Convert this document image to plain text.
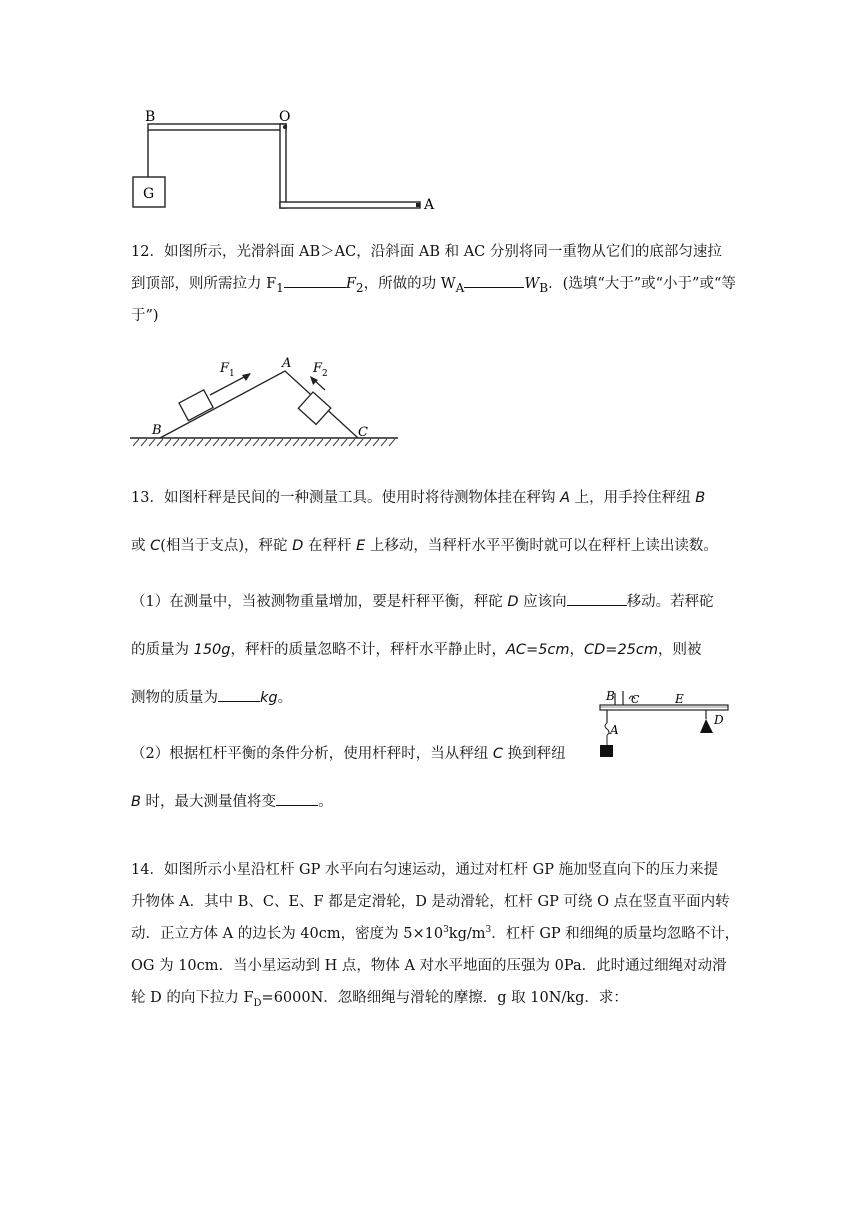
B	O
A
G
12．如图所示，光滑斜面 AB＞AC，沿斜面 AB 和 AC 分别将同一重物从它们的底部匀速拉
到顶部，则所需拉力 $F_1$	$F_2$，所做的功 $W_A$	$W_B$．(选填“大于”或“小于”或“等
于”)
F 1	F 2
A
B	C
13．如图杆秤是民间的一种测量工具。使用时将待测物体挂在秤钩 A 上，用手拎住秤纽 B
或 C(相当于支点)，秤砣 D 在秤杆 E 上移动，当秤杆水平平衡时就可以在秤杆上读出读数。
（1）在测量中，当被测物重量增加，要是杆秤平衡，秤砣 D 应该向	移动。若秤砣
的质量为 150g，秤杆的质量忽略不计，秤杆水平静止时，AC=5cm，CD=25cm，则被
测物的质量为	kg。
（2）根据杠杆平衡的条件分析，使用杆秤时，当从秤纽 C 换到秤纽
B 时，最大测量值将变	。
B C	E
A
D
14．如图所示小星沿杠杆 GP 水平向右匀速运动，通过对杠杆 GP 施加竖直向下的压力来提
升物体 A．其中 B、C、E、F 都是定滑轮，D 是动滑轮，杠杆 GP 可绕 O 点在竖直平面内转
动．正立方体 A 的边长为 40cm，密度为 $5\times 10^3kg/m^3$．杠杆 GP 和细绳的质量均忽略不计，
OG 为 10cm．当小星运动到 H 点，物体 A 对水平地面的压强为 0Pa．此时通过细绳对动滑
轮 D 的向下拉力 $F_D=6000N$．忽略细绳与滑轮的摩擦．g 取 10N/kg．求：
